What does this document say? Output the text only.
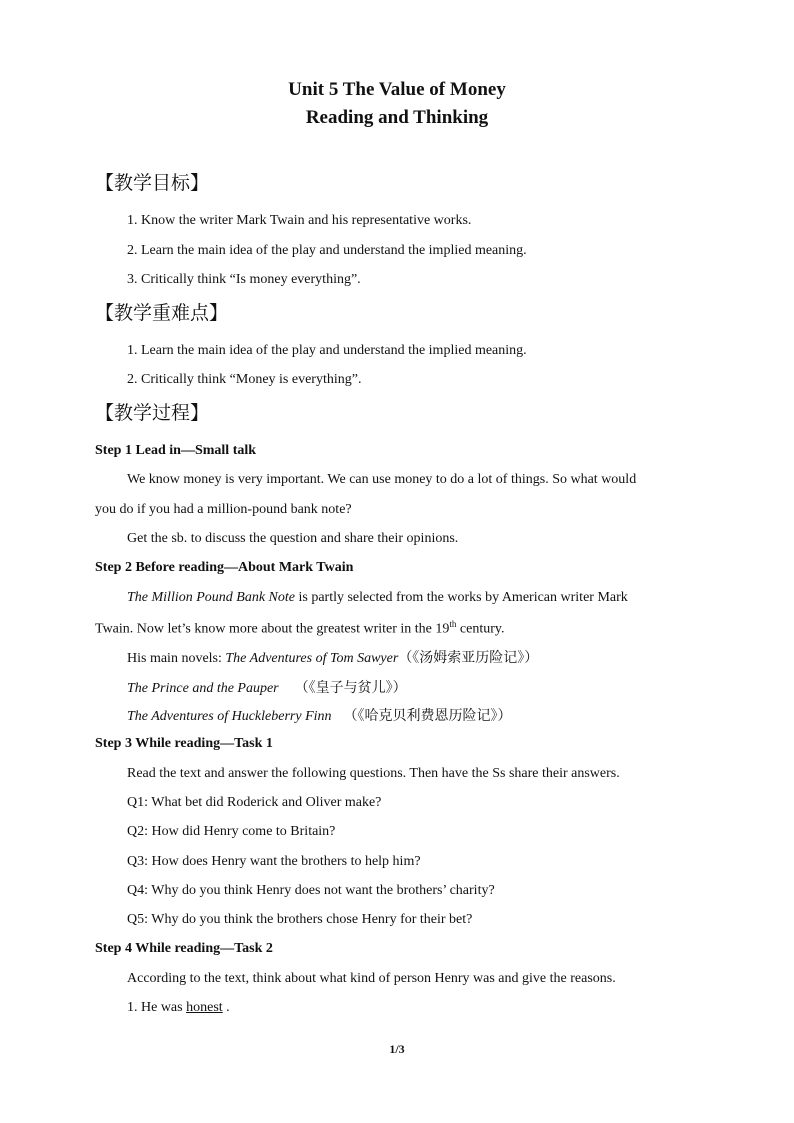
Unit 5 The Value of Money
Reading and Thinking
【教学目标】
1. Know the writer Mark Twain and his representative works.
2. Learn the main idea of the play and understand the implied meaning.
3. Critically think “Is money everything”.
【教学重难点】
1. Learn the main idea of the play and understand the implied meaning.
2. Critically think “Money is everything”.
【教学过程】
Step 1 Lead in—Small talk
We know money is very important. We can use money to do a lot of things. So what would
you do if you had a million-pound bank note?
Get the sb. to discuss the question and share their opinions.
Step 2 Before reading—About Mark Twain
The Million Pound Bank Note is partly selected from the works by American writer Mark
Twain. Now let’s know more about the greatest writer in the 19th century.
His main novels: The Adventures of Tom Sawyer（《汤姆索亚历险记》）
The Prince and the Pauper （《皇子与贫儿》）
The Adventures of Huckleberry Finn （《哈克贝利费恩历险记》）
Step 3 While reading—Task 1
Read the text and answer the following questions. Then have the Ss share their answers.
Q1: What bet did Roderick and Oliver make?
Q2: How did Henry come to Britain?
Q3: How does Henry want the brothers to help him?
Q4: Why do you think Henry does not want the brothers’ charity?
Q5: Why do you think the brothers chose Henry for their bet?
Step 4 While reading—Task 2
According to the text, think about what kind of person Henry was and give the reasons.
1. He was honest .
1/3
